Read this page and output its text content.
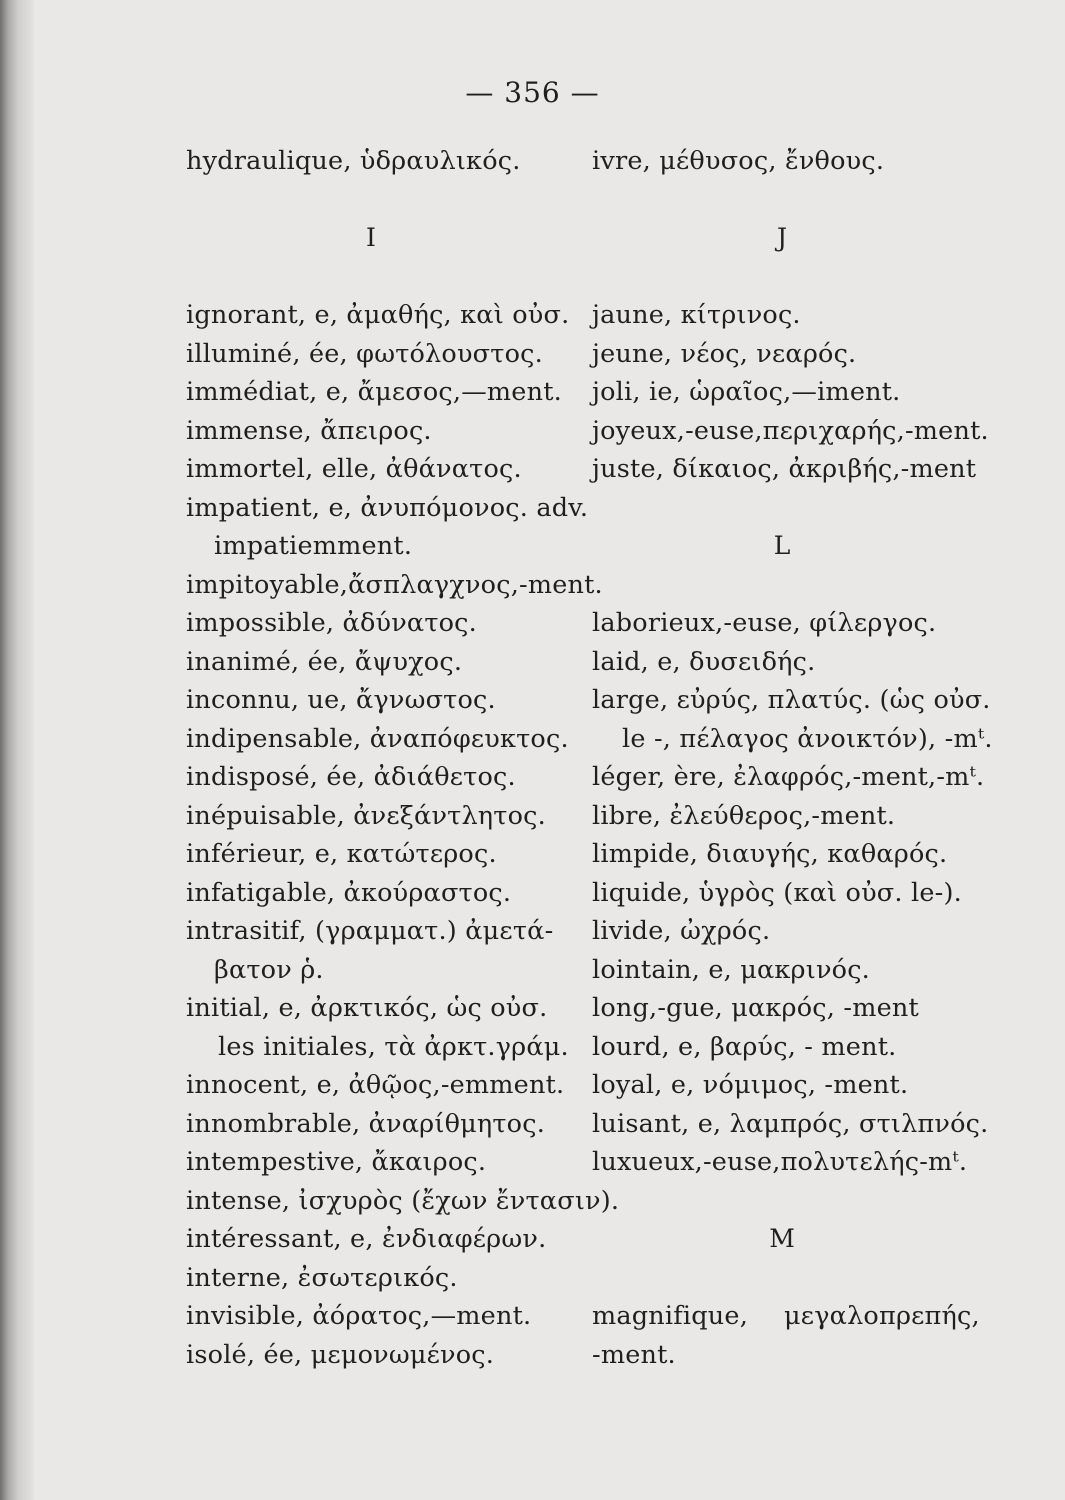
— 356 —
hydraulique, ὑδραυλικός.
I
ignorant, e, ἀμαθής, καὶ οὐσ.
illuminé, ée, φωτόλουστος.
immédiat, e, ἄμεσος,—ment.
immense, ἄπειρος.
immortel, elle, ἀθάνατος.
impatient, e, ἀνυπόμονος. adv.
impatiemment.
impitoyable,ἄσπλαγχνος,-ment.
impossible, ἀδύνατος.
inanimé, ée, ἄψυχος.
inconnu, ue, ἄγνωστος.
indipensable, ἀναπόφευκτος.
indisposé, ée, ἀδιάθετος.
inépuisable, ἀνεξάντλητος.
inférieur, e, κατώτερος.
infatigable, ἀκούραστος.
intrasitif, (γραμματ.) ἀμετά-
βατον ῥ.
initial, e, ἀρκτικός, ὡς οὐσ.
les initiales, τὰ ἀρκτ.γράμ.
innocent, e, ἀθῷος,-emment.
innombrable, ἀναρίθμητος.
intempestive, ἄκαιρος.
intense, ἰσχυρὸς (ἔχων ἔντασιν).
intéressant, e, ἐνδιαφέρων.
interne, ἐσωτερικός.
invisible, ἀόρατος,—ment.
isolé, ée, μεμονωμένος.
ivre, μέθυσος, ἔνθους.
J
jaune, κίτρινος.
jeune, νέος, νεαρός.
joli, ie, ὡραῖος,—iment.
joyeux,-euse,περιχαρής,-ment.
juste, δίκαιος, ἀκριβής,-ment
L
laborieux,-euse, φίλεργος.
laid, e, δυσειδής.
large, εὐρύς, πλατύς. (ὡς οὐσ.
le -, πέλαγος ἀνοικτόν), -mᵗ.
léger, ère, ἐλαφρός,-ment,-mᵗ.
libre, ἐλεύθερος,-ment.
limpide, διαυγής, καθαρός.
liquide, ὑγρὸς (καὶ οὐσ. le-).
livide, ὠχρός.
lointain, e, μακρινός.
long,-gue, μακρός, -ment
lourd, e, βαρύς, - ment.
loyal, e, νόμιμος, -ment.
luisant, e, λαμπρός, στιλπνός.
luxueux,-euse,πολυτελής-mᵗ.
M
magnifique, μεγαλοπρεπής,
-ment.
